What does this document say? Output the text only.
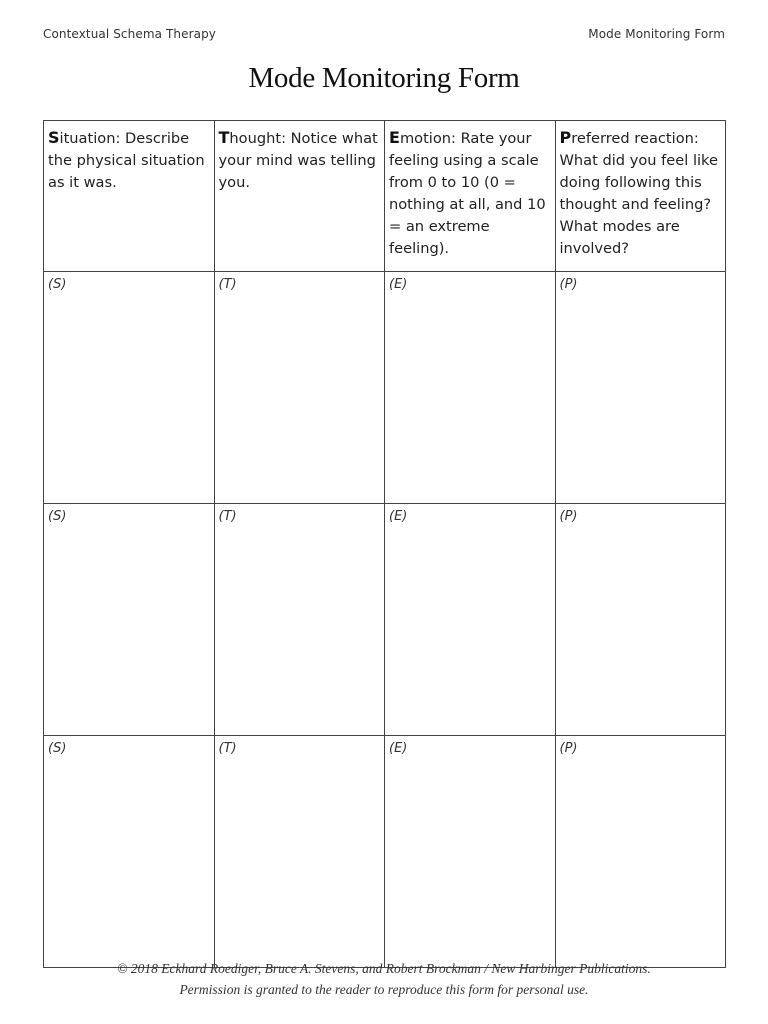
Contextual Schema Therapy	Mode Monitoring Form
Mode Monitoring Form
Situation: Describe the physical situation as it was.	Thought: Notice what your mind was telling you.	Emotion: Rate your feeling using a scale from 0 to 10 (0 = nothing at all, and 10 = an extreme feeling).	Preferred reaction: What did you feel like doing following this thought and feeling? What modes are involved?
(S)	(T)	(E)	(P)
(S)	(T)	(E)	(P)
(S)	(T)	(E)	(P)
© 2018 Eckhard Roediger, Bruce A. Stevens, and Robert Brockman / New Harbinger Publications.
Permission is granted to the reader to reproduce this form for personal use.
